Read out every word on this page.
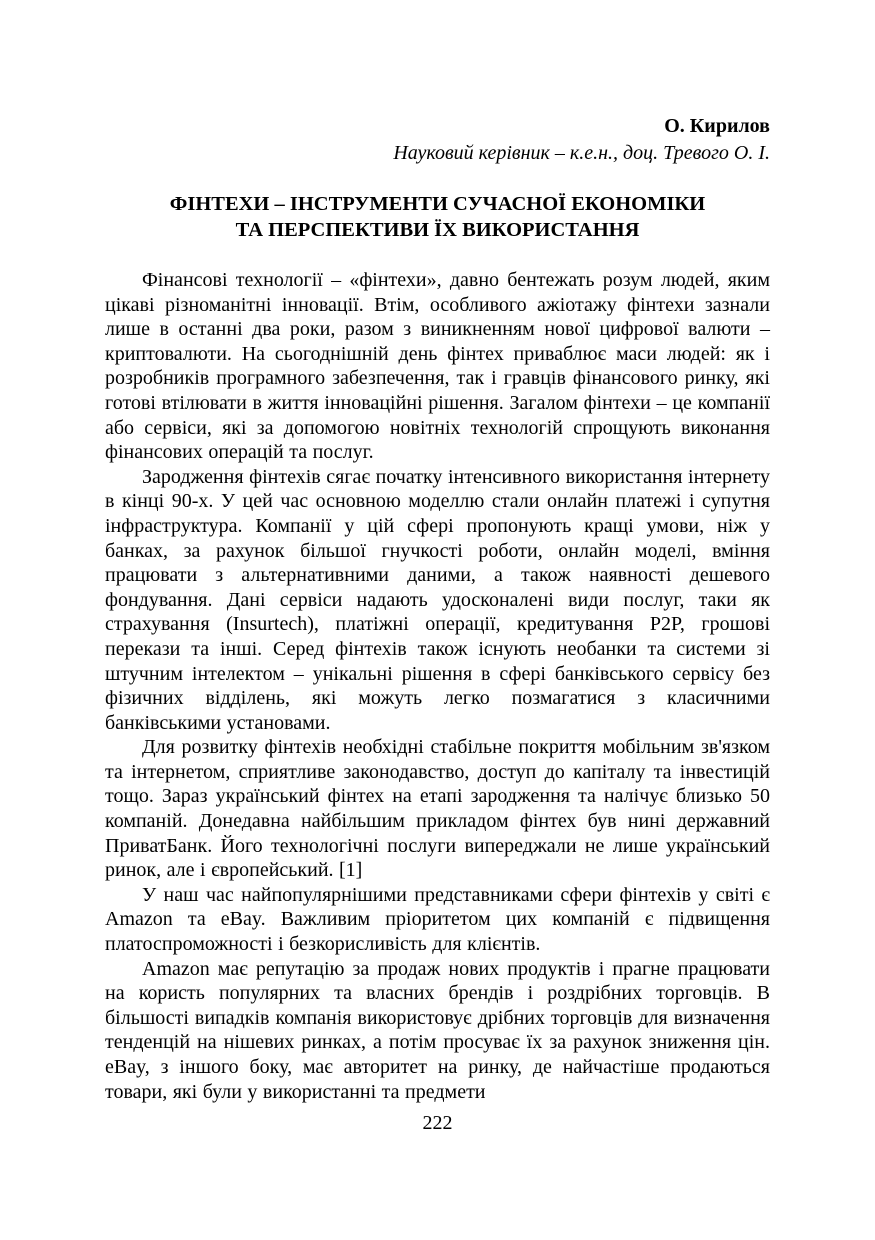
О. Кирилов
Науковий керівник – к.е.н., доц. Тревого О. І.
ФІНТЕХИ – ІНСТРУМЕНТИ СУЧАСНОЇ ЕКОНОМІКИ
ТА ПЕРСПЕКТИВИ ЇХ ВИКОРИСТАННЯ

Фінансові технології – «фінтехи», давно бентежать розум людей, яким цікаві різноманітні інновації. Втім, особливого ажіотажу фінтехи зазнали лише в останні два роки, разом з виникненням нової цифрової валюти – криптовалюти. На сьогоднішній день фінтех приваблює маси людей: як і розробників програмного забезпечення, так і гравців фінансового ринку, які готові втілювати в життя інноваційні рішення. Загалом фінтехи – це компанії або сервіси, які за допомогою новітніх технологій спрощують виконання фінансових операцій та послуг.

Зародження фінтехів сягає початку інтенсивного використання інтернету в кінці 90-х. У цей час основною моделлю стали онлайн платежі і супутня інфраструктура. Компанії у цій сфері пропонують кращі умови, ніж у банках, за рахунок більшої гнучкості роботи, онлайн моделі, вміння працювати з альтернативними даними, а також наявності дешевого фондування. Дані сервіси надають удосконалені види послуг, таки як страхування (Insurtech), платіжні операції, кредитування P2P, грошові перекази та інші. Серед фінтехів також існують необанки та системи зі штучним інтелектом – унікальні рішення в сфері банківського сервісу без фізичних відділень, які можуть легко позмагатися з класичними банківськими установами.

Для розвитку фінтехів необхідні стабільне покриття мобільним зв'язком та інтернетом, сприятливе законодавство, доступ до капіталу та інвестицій тощо. Зараз український фінтех на етапі зародження та налічує близько 50 компаній. Донедавна найбільшим прикладом фінтех був нині державний ПриватБанк. Його технологічні послуги випереджали не лише український ринок, але і європейський. [1]

У наш час найпопулярнішими представниками сфери фінтехів у світі є Amazon та eBay. Важливим пріоритетом цих компаній є підвищення платоспроможності і безкорисливість для клієнтів.

Amazon має репутацію за продаж нових продуктів і прагне працювати на користь популярних та власних брендів і роздрібних торговців. В більшості випадків компанія використовує дрібних торговців для визначення тенденцій на нішевих ринках, а потім просуває їх за рахунок зниження цін. eBay, з іншого боку, має авторитет на ринку, де найчастіше продаються товари, які були у використанні та предмети

222
